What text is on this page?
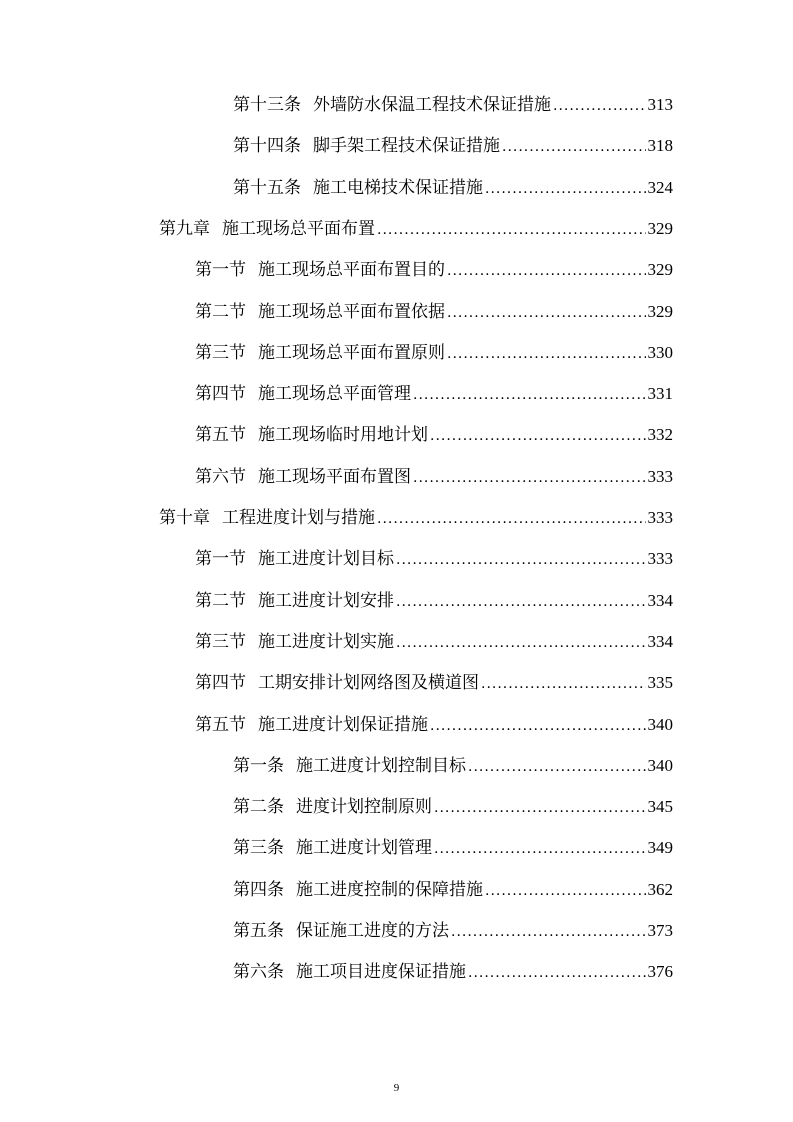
第十三条 外墙防水保温工程技术保证措施 .....	313
第十四条 脚手架工程技术保证措施 .....	318
第十五条 施工电梯技术保证措施 .....	324
第九章 施工现场总平面布置 .....	329
第一节 施工现场总平面布置目的 .....	329
第二节 施工现场总平面布置依据 .....	329
第三节 施工现场总平面布置原则 .....	330
第四节 施工现场总平面管理 .....	331
第五节 施工现场临时用地计划 .....	332
第六节 施工现场平面布置图 .....	333
第十章 工程进度计划与措施 .....	333
第一节 施工进度计划目标 .....	333
第二节 施工进度计划安排 .....	334
第三节 施工进度计划实施 .....	334
第四节 工期安排计划网络图及横道图 .....	335
第五节 施工进度计划保证措施 .....	340
第一条 施工进度计划控制目标 .....	340
第二条 进度计划控制原则 .....	345
第三条 施工进度计划管理 .....	349
第四条 施工进度控制的保障措施 .....	362
第五条 保证施工进度的方法 .....	373
第六条 施工项目进度保证措施 .....	376
9
